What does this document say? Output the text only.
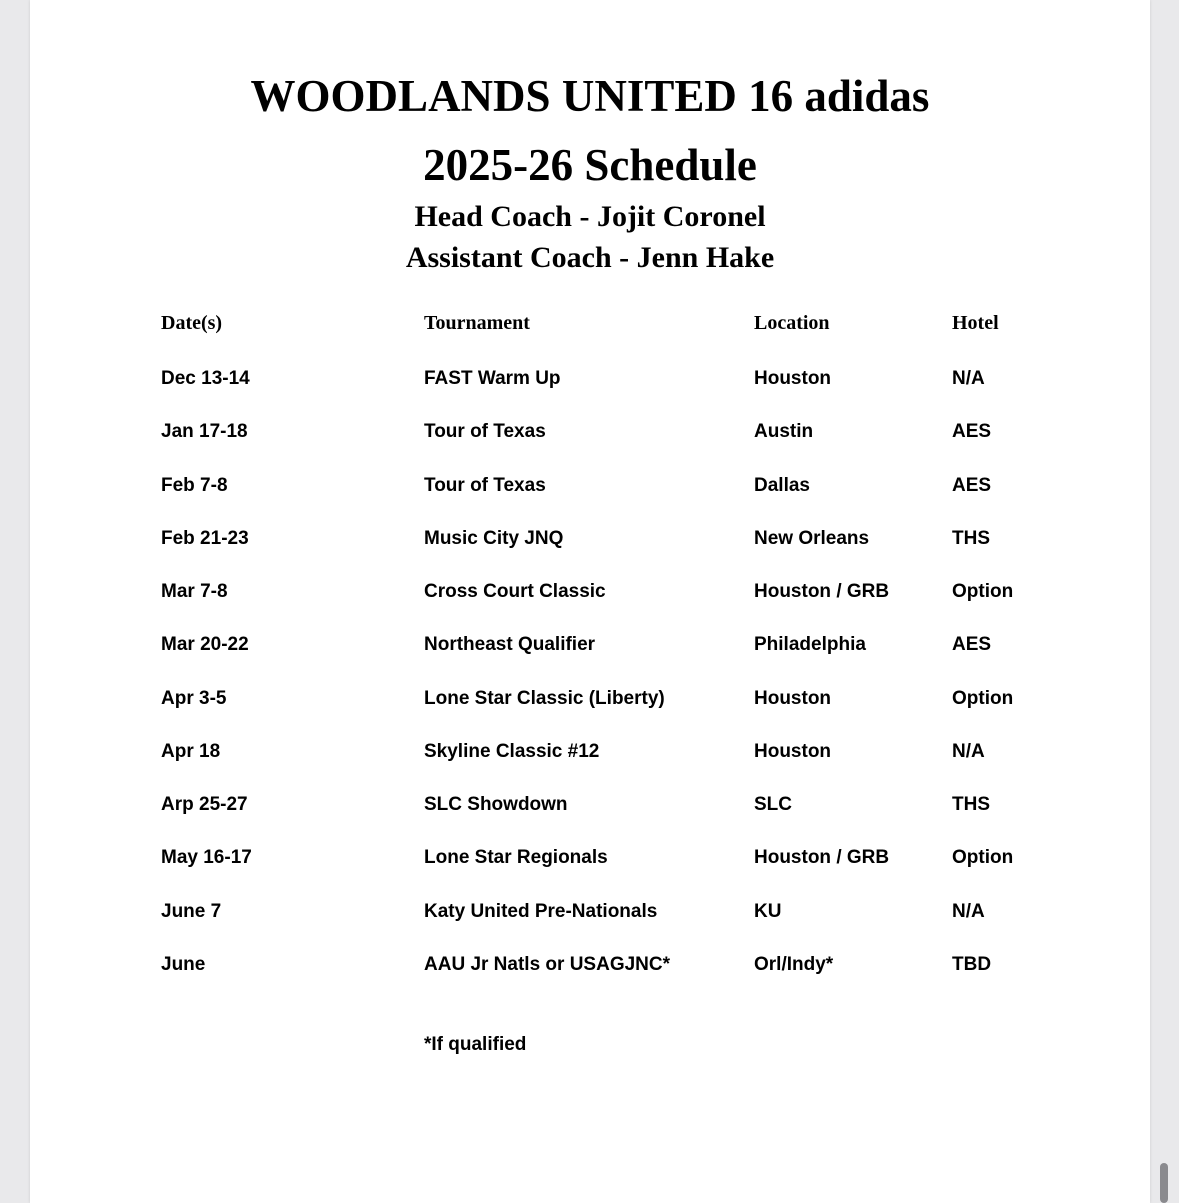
WOODLANDS UNITED 16 adidas
2025-26 Schedule
Head Coach - Jojit Coronel
Assistant Coach - Jenn Hake
Date(s)	Tournament	Location	Hotel
Dec 13-14	FAST Warm Up	Houston	N/A
Jan 17-18	Tour of Texas	Austin	AES
Feb 7-8	Tour of Texas	Dallas	AES
Feb 21-23	Music City JNQ	New Orleans	THS
Mar 7-8	Cross Court Classic	Houston / GRB	Option
Mar 20-22	Northeast Qualifier	Philadelphia	AES
Apr 3-5	Lone Star Classic (Liberty)	Houston	Option
Apr 18	Skyline Classic #12	Houston	N/A
Arp 25-27	SLC Showdown	SLC	THS
May 16-17	Lone Star Regionals	Houston / GRB	Option
June 7	Katy United Pre-Nationals	KU	N/A
June	AAU Jr Natls or USAGJNC*	Orl/Indy*	TBD
*If qualified
